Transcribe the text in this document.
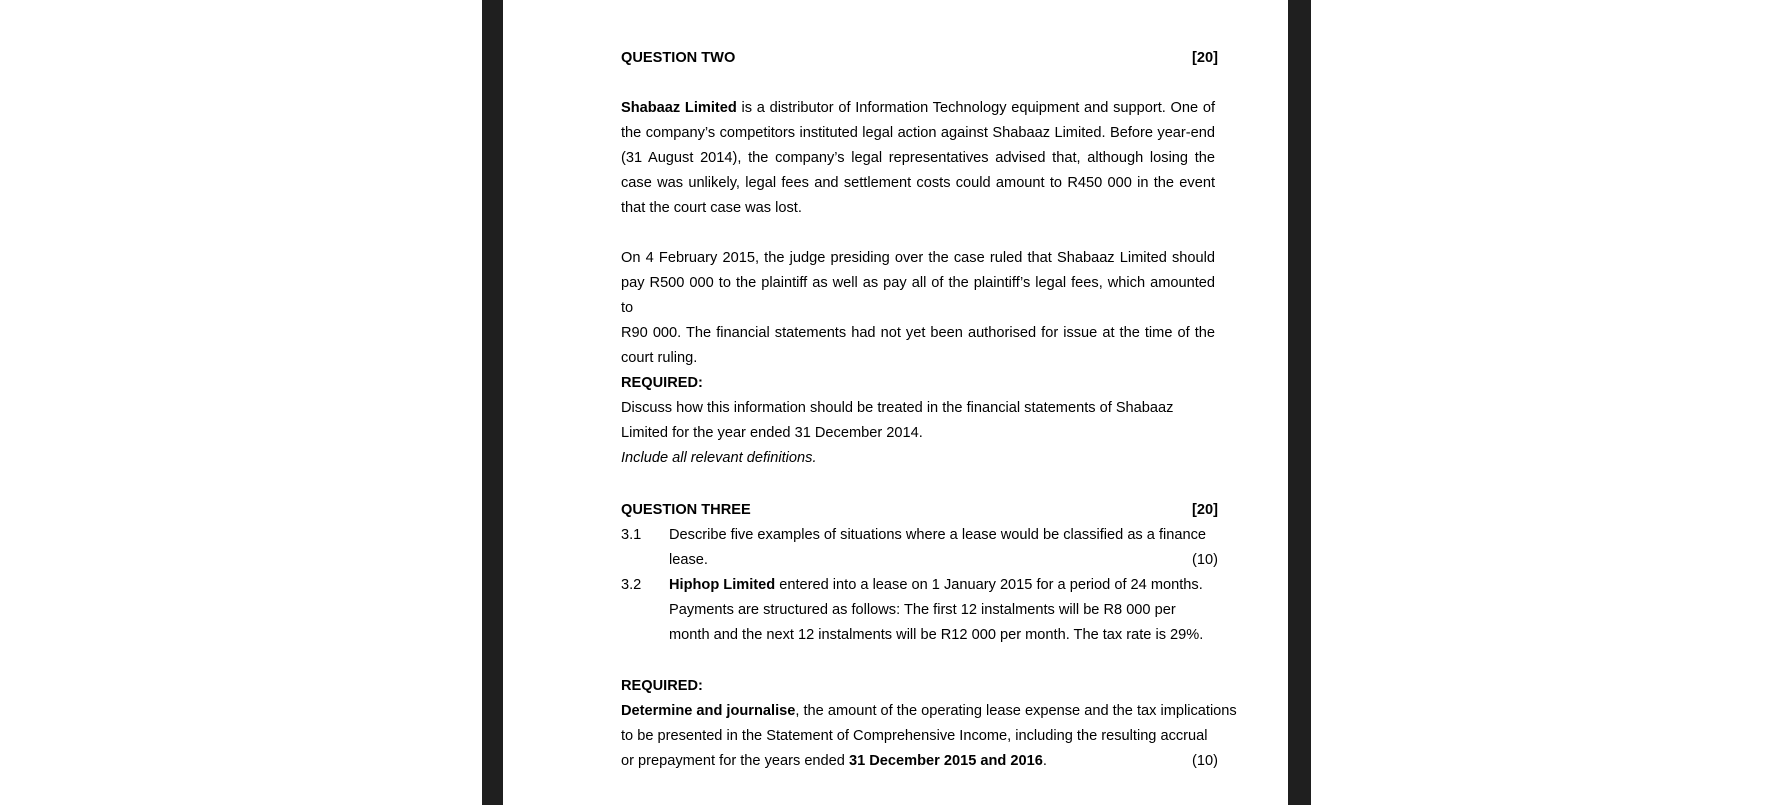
QUESTION TWO	[20]
Shabaaz Limited is a distributor of Information Technology equipment and support. One of
the company’s competitors instituted legal action against Shabaaz Limited. Before year-end
(31 August 2014), the company’s legal representatives advised that, although losing the
case was unlikely, legal fees and settlement costs could amount to R450 000 in the event
that the court case was lost.
On 4 February 2015, the judge presiding over the case ruled that Shabaaz Limited should
pay R500 000 to the plaintiff as well as pay all of the plaintiff’s legal fees, which amounted to
R90 000. The financial statements had not yet been authorised for issue at the time of the
court ruling.
REQUIRED:
Discuss how this information should be treated in the financial statements of Shabaaz
Limited for the year ended 31 December 2014.
Include all relevant definitions.
QUESTION THREE	[20]
3.1 Describe five examples of situations where a lease would be classified as a finance
lease.	(10)
3.2 Hiphop Limited entered into a lease on 1 January 2015 for a period of 24 months.
Payments are structured as follows: The first 12 instalments will be R8 000 per
month and the next 12 instalments will be R12 000 per month. The tax rate is 29%.
REQUIRED:
Determine and journalise, the amount of the operating lease expense and the tax implications
to be presented in the Statement of Comprehensive Income, including the resulting accrual
or prepayment for the years ended 31 December 2015 and 2016.	(10)
